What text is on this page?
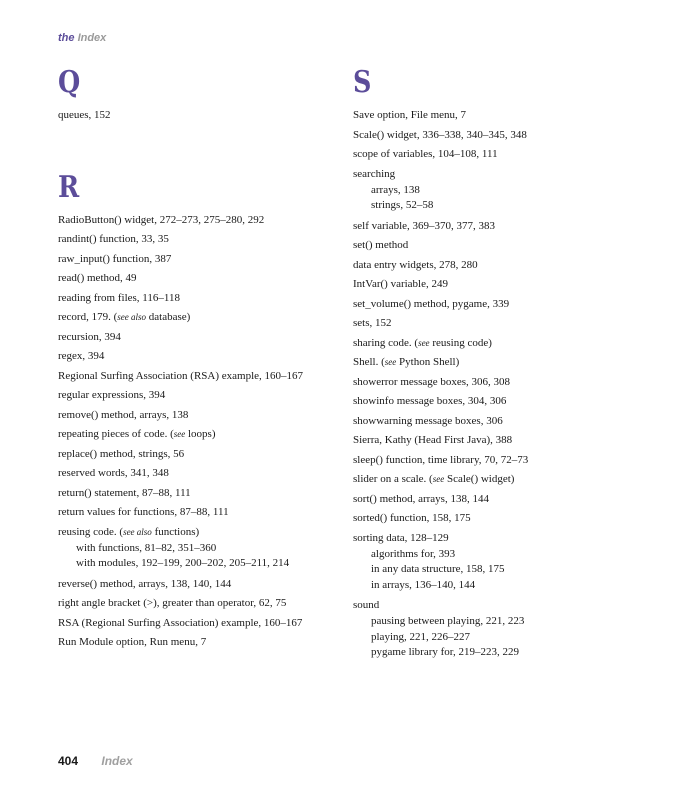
the Index
Q
queues, 152
R
RadioButton() widget, 272–273, 275–280, 292
randint() function, 33, 35
raw_input() function, 387
read() method, 49
reading from files, 116–118
record, 179. (see also database)
recursion, 394
regex, 394
Regional Surfing Association (RSA) example, 160–167
regular expressions, 394
remove() method, arrays, 138
repeating pieces of code. (see loops)
replace() method, strings, 56
reserved words, 341, 348
return() statement, 87–88, 111
return values for functions, 87–88, 111
reusing code. (see also functions)
with functions, 81–82, 351–360
with modules, 192–199, 200–202, 205–211, 214
reverse() method, arrays, 138, 140, 144
right angle bracket (>), greater than operator, 62, 75
RSA (Regional Surfing Association) example, 160–167
Run Module option, Run menu, 7
S
Save option, File menu, 7
Scale() widget, 336–338, 340–345, 348
scope of variables, 104–108, 111
searching
arrays, 138
strings, 52–58
self variable, 369–370, 377, 383
set() method
data entry widgets, 278, 280
IntVar() variable, 249
set_volume() method, pygame, 339
sets, 152
sharing code. (see reusing code)
Shell. (see Python Shell)
showerror message boxes, 306, 308
showinfo message boxes, 304, 306
showwarning message boxes, 306
Sierra, Kathy (Head First Java), 388
sleep() function, time library, 70, 72–73
slider on a scale. (see Scale() widget)
sort() method, arrays, 138, 144
sorted() function, 158, 175
sorting data, 128–129
algorithms for, 393
in any data structure, 158, 175
in arrays, 136–140, 144
sound
pausing between playing, 221, 223
playing, 221, 226–227
pygame library for, 219–223, 229
404 Index
